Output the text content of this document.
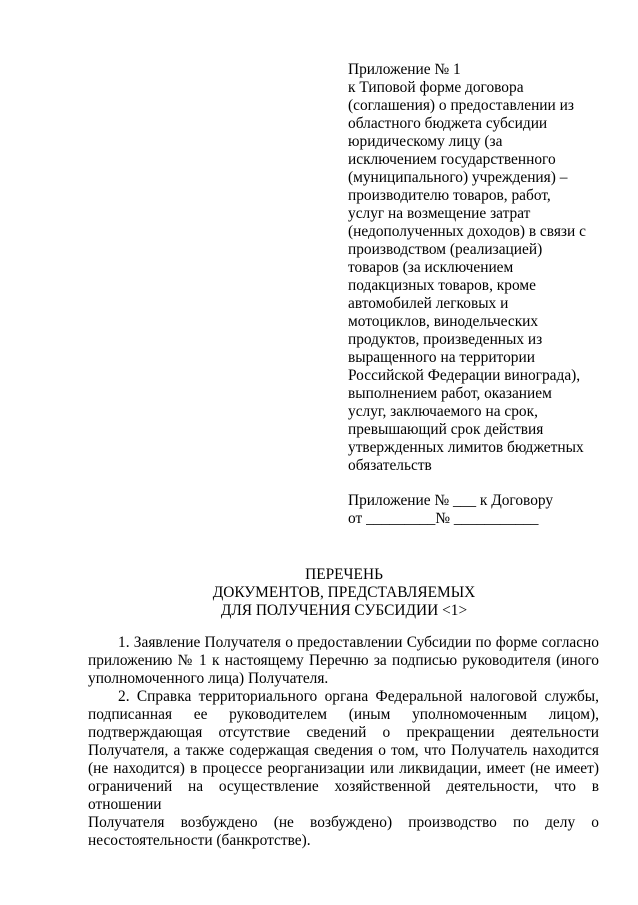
Приложение № 1
к Типовой форме договора
(соглашения) о предоставлении из
областного бюджета субсидии
юридическому лицу (за
исключением государственного
(муниципального) учреждения) –
производителю товаров, работ,
услуг на возмещение затрат
(недополученных доходов) в связи с
производством (реализацией)
товаров (за исключением
подакцизных товаров, кроме
автомобилей легковых и
мотоциклов, винодельческих
продуктов, произведенных из
выращенного на территории
Российской Федерации винограда),
выполнением работ, оказанием
услуг, заключаемого на срок,
превышающий срок действия
утвержденных лимитов бюджетных
обязательств
Приложение № ___ к Договору
от _________№ ___________
ПЕРЕЧЕНЬ
ДОКУМЕНТОВ, ПРЕДСТАВЛЯЕМЫХ
ДЛЯ ПОЛУЧЕНИЯ СУБСИДИИ <1>
1. Заявление Получателя о предоставлении Субсидии по форме согласно
приложению № 1 к настоящему Перечню за подписью руководителя (иного
уполномоченного лица) Получателя.
2. Справка территориального органа Федеральной налоговой службы,
подписанная ее руководителем (иным уполномоченным лицом),
подтверждающая отсутствие сведений о прекращении деятельности
Получателя, а также содержащая сведения о том, что Получатель находится
(не находится) в процессе реорганизации или ликвидации, имеет (не имеет)
ограничений на осуществление хозяйственной деятельности, что в отношении
Получателя возбуждено (не возбуждено) производство по делу о
несостоятельности (банкротстве).
